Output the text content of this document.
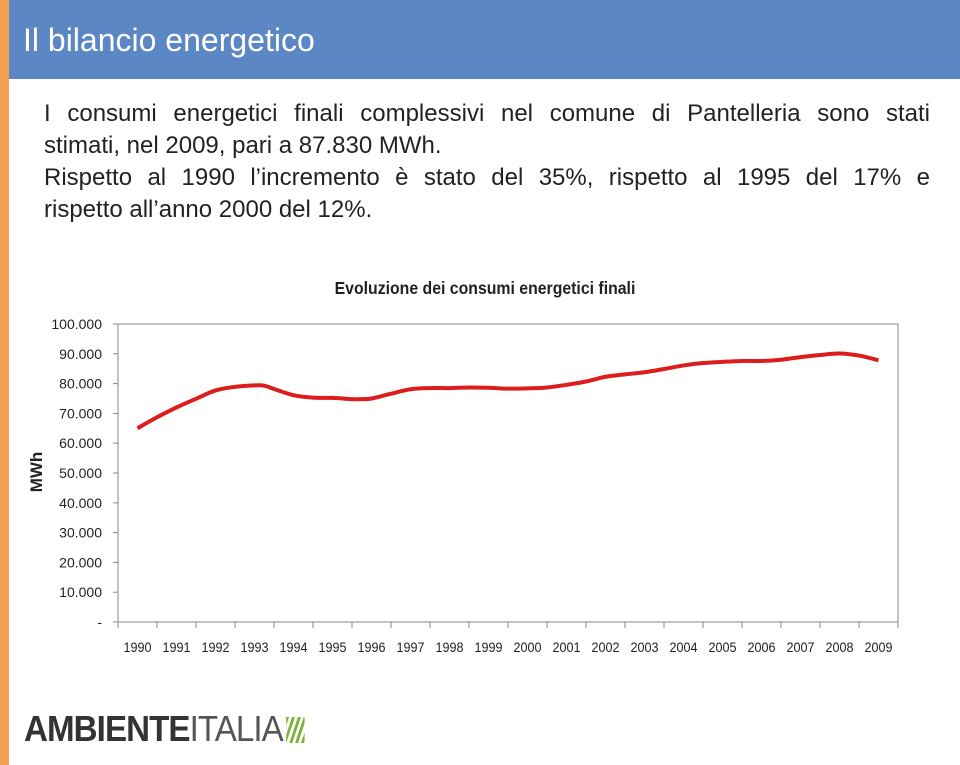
Il bilancio energetico

I consumi energetici finali complessivi nel comune di Pantelleria sono stati
stimati, nel 2009, pari a 87.830 MWh.
Rispetto al 1990 l’incremento è stato del 35%, rispetto al 1995 del 17% e
rispetto all’anno 2000 del 12%.

Evoluzione dei consumi energetici finali
MWh
-
10.000
20.000
30.000
40.000
50.000
60.000
70.000
80.000
90.000
100.000
1990 1991 1992 1993 1994 1995 1996 1997 1998 1999 2000 2001 2002 2003 2004 2005 2006 2007 2008 2009
AMBIENTEITALIA
